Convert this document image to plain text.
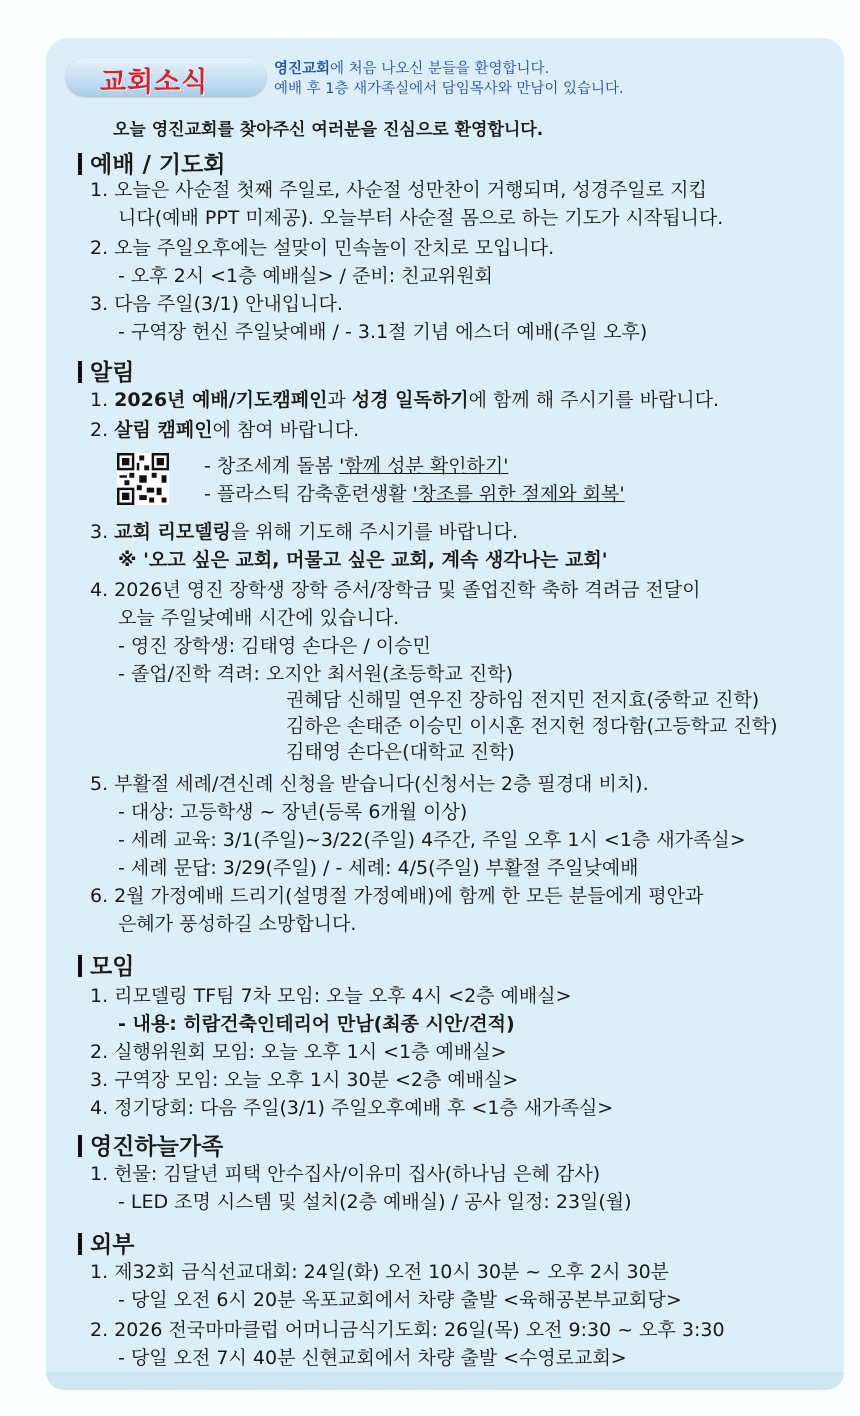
교회소식	영진교회에 처음 나오신 분들을 환영합니다.
예배 후 1층 새가족실에서 담임목사와 만남이 있습니다.
오늘 영진교회를 찾아주신 여러분을 진심으로 환영합니다.
예배 / 기도회
1. 오늘은 사순절 첫째 주일로, 사순절 성만찬이 거행되며, 성경주일로 지킵
니다(예배 PPT 미제공). 오늘부터 사순절 몸으로 하는 기도가 시작됩니다.
2. 오늘 주일오후에는 설맞이 민속놀이 잔치로 모입니다.
- 오후 2시 <1층 예배실> / 준비: 친교위원회
3. 다음 주일(3/1) 안내입니다.
- 구역장 헌신 주일낮예배 / - 3.1절 기념 에스더 예배(주일 오후)
알림
1. 2026년 예배/기도캠페인과 성경 일독하기에 함께 해 주시기를 바랍니다.
2. 살림 캠페인에 참여 바랍니다.
- 창조세계 돌봄 '함께 성분 확인하기'
- 플라스틱 감축훈련생활 '창조를 위한 절제와 회복'
3. 교회 리모델링을 위해 기도해 주시기를 바랍니다.
※ '오고 싶은 교회, 머물고 싶은 교회, 계속 생각나는 교회'
4. 2026년 영진 장학생 장학 증서/장학금 및 졸업진학 축하 격려금 전달이
오늘 주일낮예배 시간에 있습니다.
- 영진 장학생: 김태영 손다은 / 이승민
- 졸업/진학 격려: 오지안 최서원(초등학교 진학)
권혜담 신해밀 연우진 장하임 전지민 전지효(중학교 진학)
김하은 손태준 이승민 이시훈 전지헌 정다함(고등학교 진학)
김태영 손다은(대학교 진학)
5. 부활절 세례/견신례 신청을 받습니다(신청서는 2층 필경대 비치).
- 대상: 고등학생 ~ 장년(등록 6개월 이상)
- 세례 교육: 3/1(주일)~3/22(주일) 4주간, 주일 오후 1시 <1층 새가족실>
- 세례 문답: 3/29(주일) / - 세례: 4/5(주일) 부활절 주일낮예배
6. 2월 가정예배 드리기(설명절 가정예배)에 함께 한 모든 분들에게 평안과
은혜가 풍성하길 소망합니다.
모임
1. 리모델링 TF팀 7차 모임: 오늘 오후 4시 <2층 예배실>
- 내용: 히람건축인테리어 만남(최종 시안/견적)
2. 실행위원회 모임: 오늘 오후 1시 <1층 예배실>
3. 구역장 모임: 오늘 오후 1시 30분 <2층 예배실>
4. 정기당회: 다음 주일(3/1) 주일오후예배 후 <1층 새가족실>
영진하늘가족
1. 헌물: 김달년 피택 안수집사/이유미 집사(하나님 은혜 감사)
- LED 조명 시스템 및 설치(2층 예배실) / 공사 일정: 23일(월)
외부
1. 제32회 금식선교대회: 24일(화) 오전 10시 30분 ~ 오후 2시 30분
- 당일 오전 6시 20분 옥포교회에서 차량 출발 <육해공본부교회당>
2. 2026 전국마마클럽 어머니금식기도회: 26일(목) 오전 9:30 ~ 오후 3:30
- 당일 오전 7시 40분 신현교회에서 차량 출발 <수영로교회>
